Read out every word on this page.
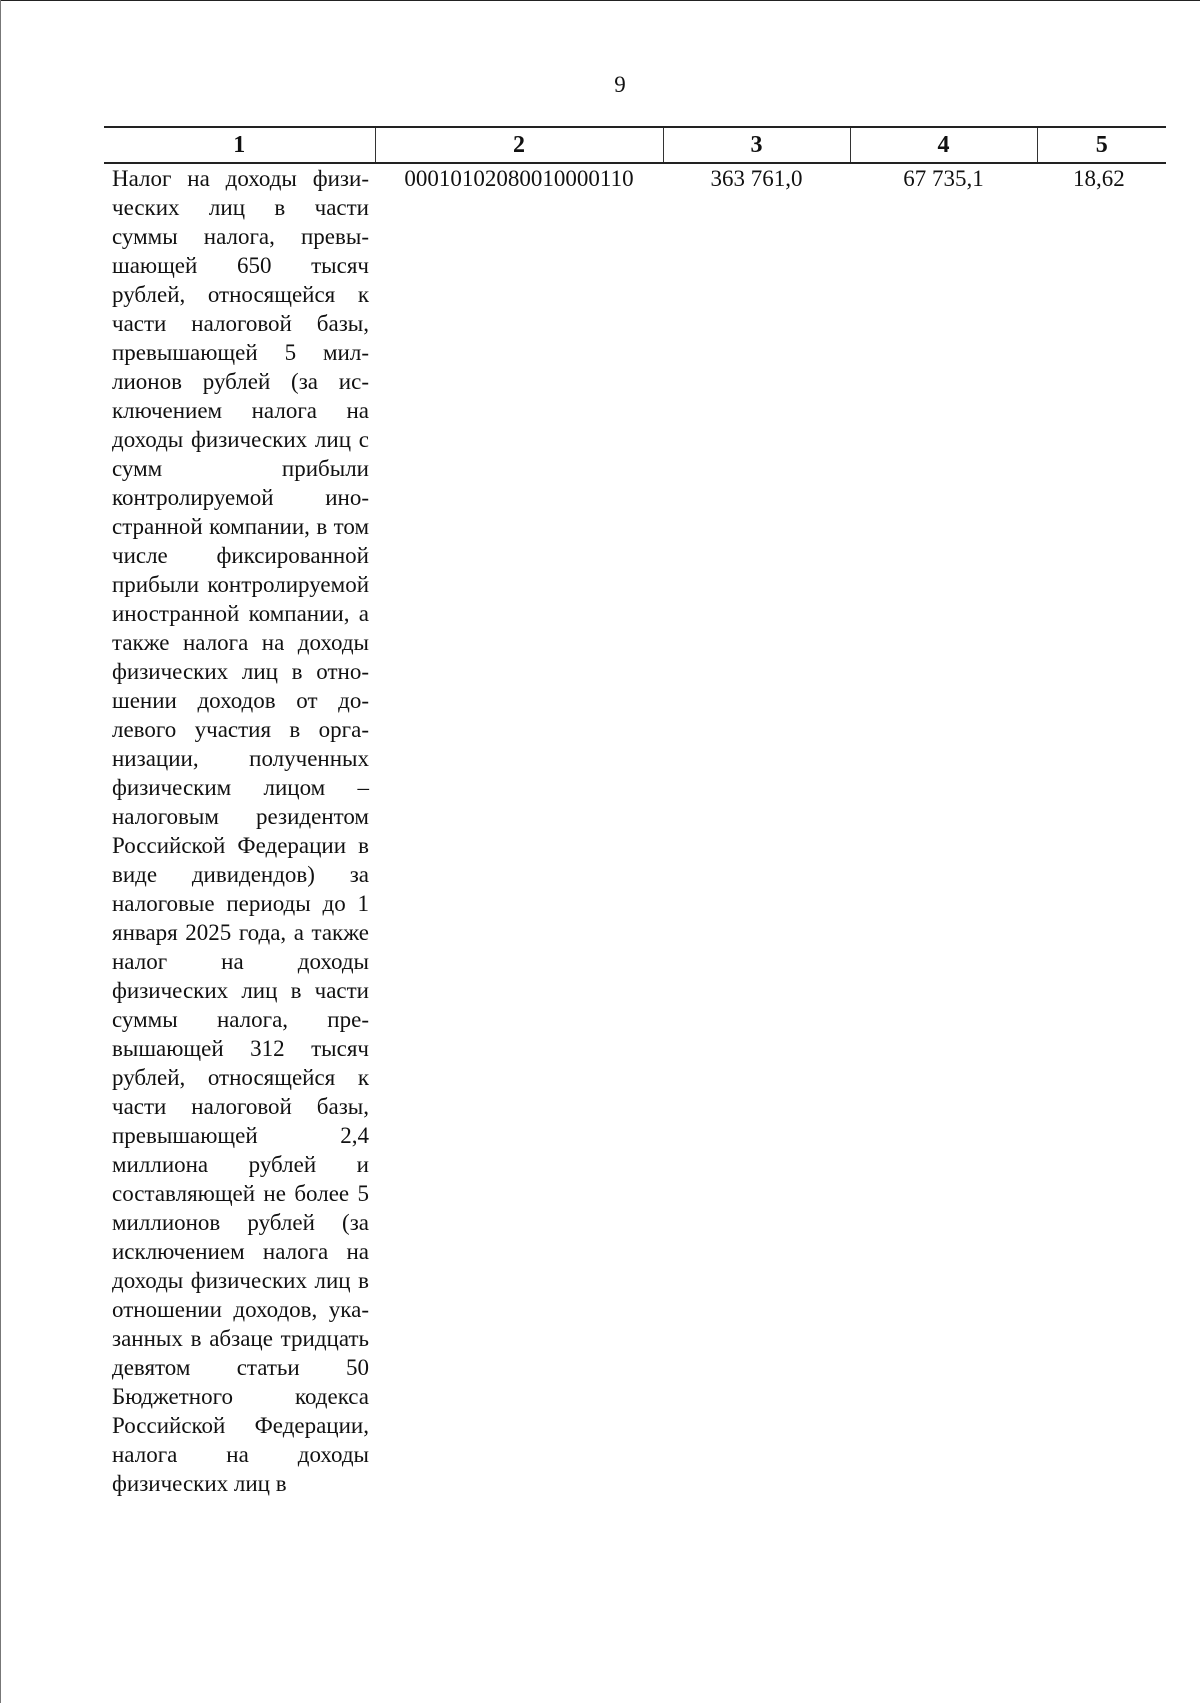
9
1	2	3	4	5

Налог на доходы физических лиц в части суммы налога, превышающей 650 тысяч рублей, относящейся к части налоговой базы, превышающей 5 миллионов рублей (за исключением налога на доходы физических лиц с сумм прибыли контролируемой иностранной компании, в том числе фиксированной прибыли контролируемой иностранной компании, а также налога на доходы физических лиц в отношении доходов от долевого участия в организации, полученных физическим лицом – налоговым резидентом Российской Федерации в виде дивидендов) за налоговые периоды до 1 января 2025 года, а также налог на доходы физических лиц в части суммы налога, превышающей 312 тысяч рублей, относящейся к части налоговой базы, превышающей 2,4 миллиона рублей и составляющей не более 5 миллионов рублей (за исключением налога на доходы физических лиц в отношении доходов, указанных в абзаце тридцать девятом статьи 50 Бюджетного кодекса Российской Федерации, налога на доходы физических лиц в	00010102080010000110	363 761,0	67 735,1	18,62
